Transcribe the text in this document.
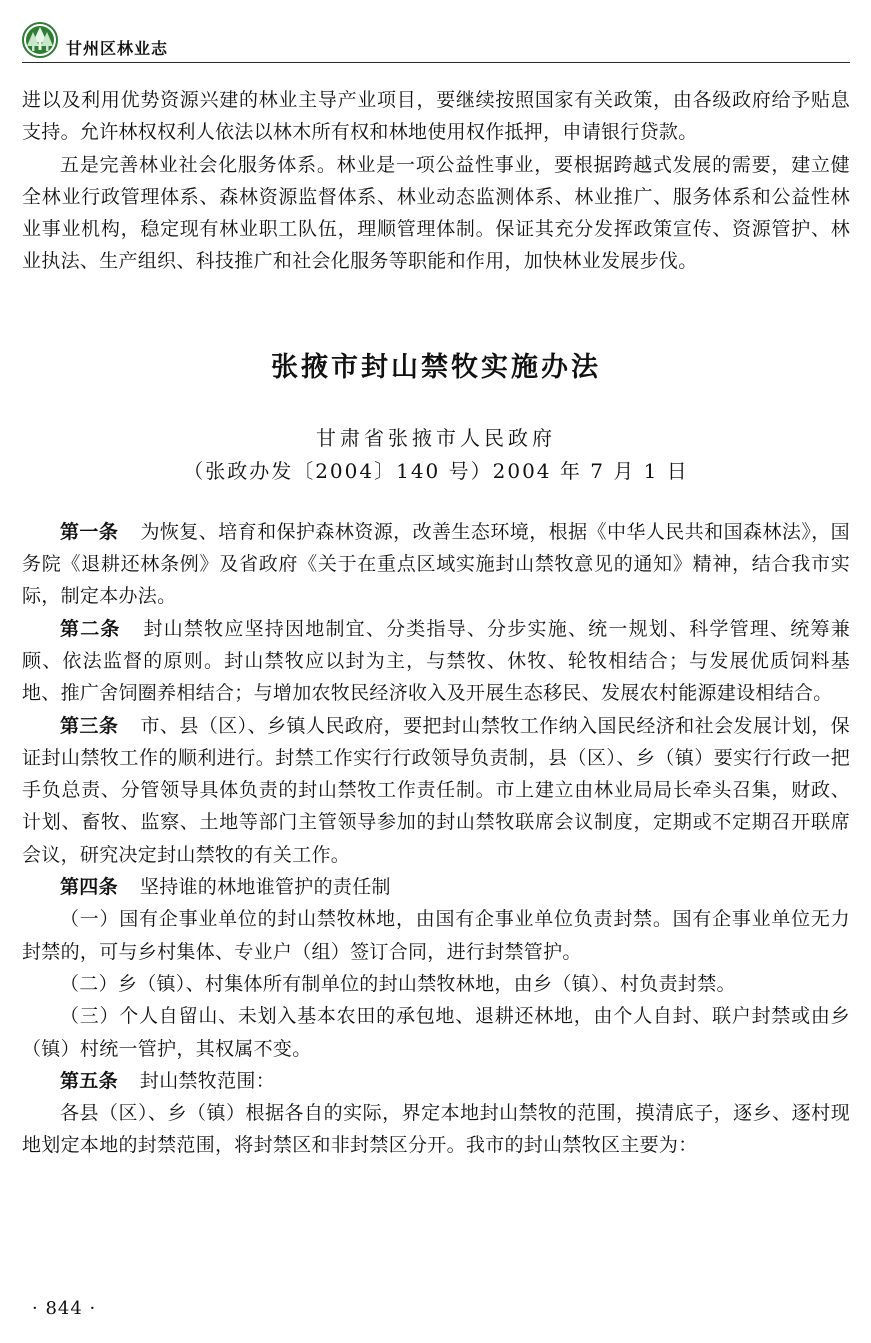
甘州区林业志

进以及利用优势资源兴建的林业主导产业项目，要继续按照国家有关政策，由各级政府给予贴息支持。允许林权权利人依法以林木所有权和林地使用权作抵押，申请银行贷款。

五是完善林业社会化服务体系。林业是一项公益性事业，要根据跨越式发展的需要，建立健全林业行政管理体系、森林资源监督体系、林业动态监测体系、林业推广、服务体系和公益性林业事业机构，稳定现有林业职工队伍，理顺管理体制。保证其充分发挥政策宣传、资源管护、林业执法、生产组织、科技推广和社会化服务等职能和作用，加快林业发展步伐。

张掖市封山禁牧实施办法
甘肃省张掖市人民政府
（张政办发〔2004〕140 号）2004 年 7 月 1 日

第一条 为恢复、培育和保护森林资源，改善生态环境，根据《中华人民共和国森林法》，国务院《退耕还林条例》及省政府《关于在重点区域实施封山禁牧意见的通知》精神，结合我市实际，制定本办法。

第二条 封山禁牧应坚持因地制宜、分类指导、分步实施、统一规划、科学管理、统筹兼顾、依法监督的原则。封山禁牧应以封为主，与禁牧、休牧、轮牧相结合；与发展优质饲料基地、推广舍饲圈养相结合；与增加农牧民经济收入及开展生态移民、发展农村能源建设相结合。

第三条 市、县（区）、乡镇人民政府，要把封山禁牧工作纳入国民经济和社会发展计划，保证封山禁牧工作的顺利进行。封禁工作实行行政领导负责制，县（区）、乡（镇）要实行行政一把手负总责、分管领导具体负责的封山禁牧工作责任制。市上建立由林业局局长牵头召集，财政、计划、畜牧、监察、土地等部门主管领导参加的封山禁牧联席会议制度，定期或不定期召开联席会议，研究决定封山禁牧的有关工作。

第四条 坚持谁的林地谁管护的责任制

（一）国有企事业单位的封山禁牧林地，由国有企事业单位负责封禁。国有企事业单位无力封禁的，可与乡村集体、专业户（组）签订合同，进行封禁管护。

（二）乡（镇）、村集体所有制单位的封山禁牧林地，由乡（镇）、村负责封禁。

（三）个人自留山、未划入基本农田的承包地、退耕还林地，由个人自封、联户封禁或由乡（镇）村统一管护，其权属不变。

第五条 封山禁牧范围：

各县（区）、乡（镇）根据各自的实际，界定本地封山禁牧的范围，摸清底子，逐乡、逐村现地划定本地的封禁范围，将封禁区和非封禁区分开。我市的封山禁牧区主要为：

· 844 ·
